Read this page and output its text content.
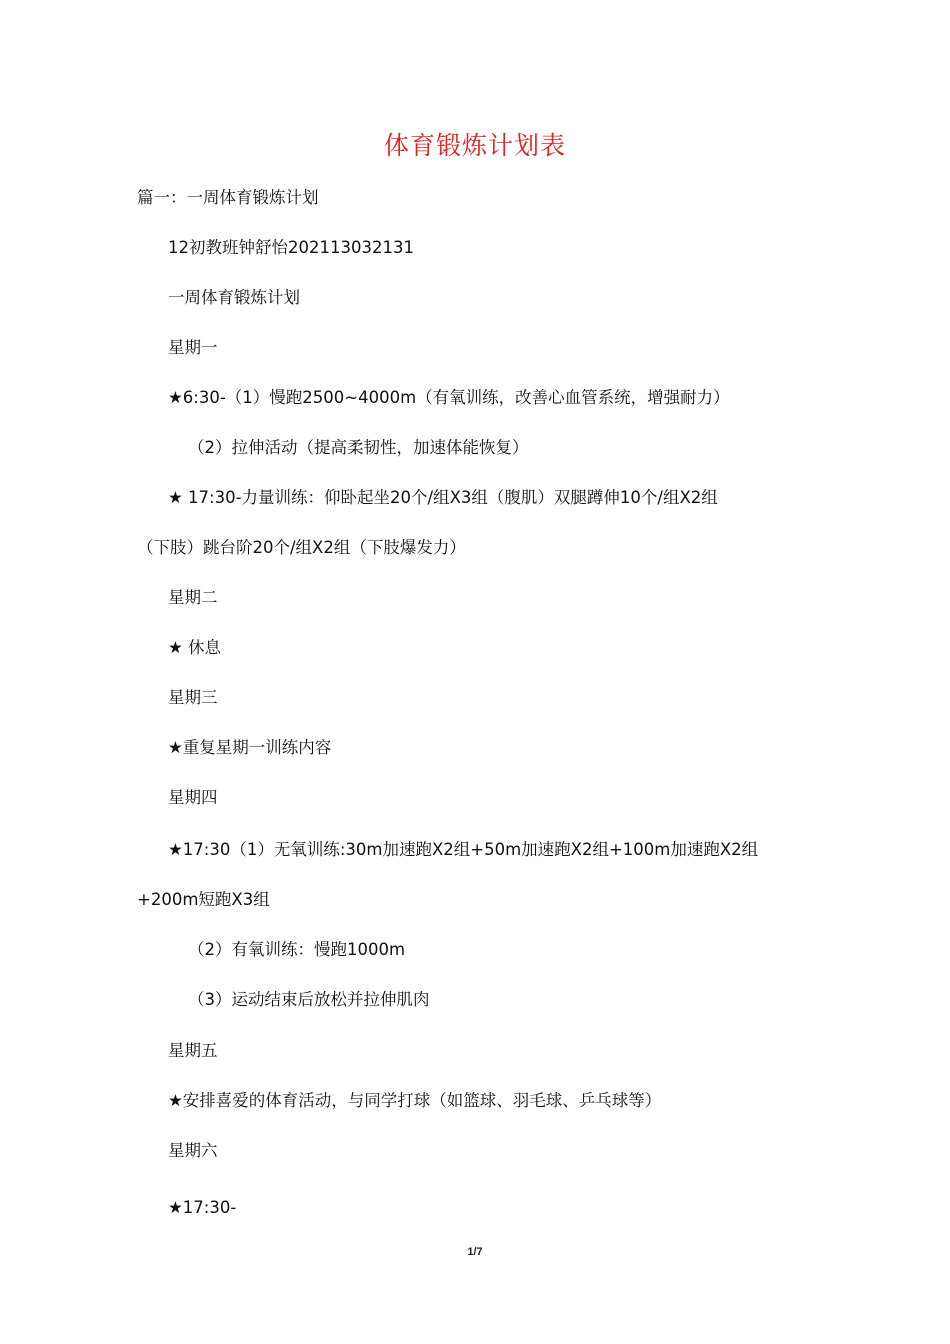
体育锻炼计划表
篇一：一周体育锻炼计划
12初教班钟舒怡202113032131
一周体育锻炼计划
星期一
★6:30-（1）慢跑2500~4000m（有氧训练，改善心血管系统，增强耐力）
（2）拉伸活动（提高柔韧性，加速体能恢复）
★ 17:30-力量训练：仰卧起坐20个/组X3组（腹肌）双腿蹲伸10个/组X2组
（下肢）跳台阶20个/组X2组（下肢爆发力）
星期二
★ 休息
星期三
★重复星期一训练内容
星期四
★17:30（1）无氧训练:30m加速跑X2组+50m加速跑X2组+100m加速跑X2组
+200m短跑X3组
（2）有氧训练：慢跑1000m
（3）运动结束后放松并拉伸肌肉
星期五
★安排喜爱的体育活动，与同学打球（如篮球、羽毛球、乒乓球等）
星期六
★17:30-
1/7
